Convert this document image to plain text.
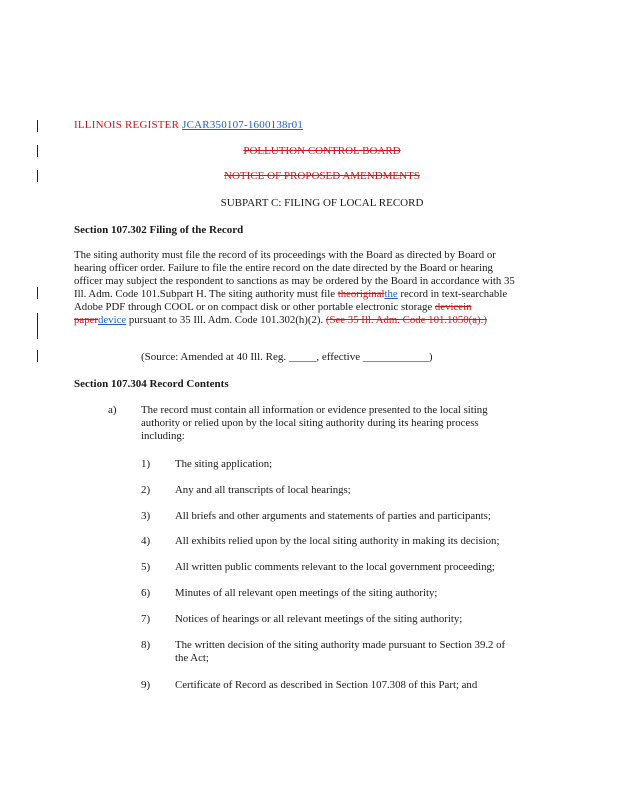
ILLINOIS REGISTER JCAR350107-1600138r01
POLLUTION CONTROL BOARD
NOTICE OF PROPOSED AMENDMENTS
SUBPART C: FILING OF LOCAL RECORD
Section 107.302 Filing of the Record
The siting authority must file the record of its proceedings with the Board as directed by Board or hearing officer order. Failure to file the entire record on the date directed by the Board or hearing officer may subject the respondent to sanctions as may be ordered by the Board in accordance with 35 Ill. Adm. Code 101.Subpart H. The siting authority must file theoriginalthe record in text-searchable Adobe PDF through COOL or on compact disk or other portable electronic storage devicein paperdevice pursuant to 35 Ill. Adm. Code 101.302(h)(2). (See 35 Ill. Adm. Code 101.1050(a).)
(Source: Amended at 40 Ill. Reg. _____, effective ____________)
Section 107.304 Record Contents
a) The record must contain all information or evidence presented to the local siting authority or relied upon by the local siting authority during its hearing process including:
1)	The siting application;
2)	Any and all transcripts of local hearings;
3)	All briefs and other arguments and statements of parties and participants;
4)	All exhibits relied upon by the local siting authority in making its decision;
5)	All written public comments relevant to the local government proceeding;
6)	Minutes of all relevant open meetings of the siting authority;
7)	Notices of hearings or all relevant meetings of the siting authority;
8)	The written decision of the siting authority made pursuant to Section 39.2 of the Act;
9)	Certificate of Record as described in Section 107.308 of this Part; and
